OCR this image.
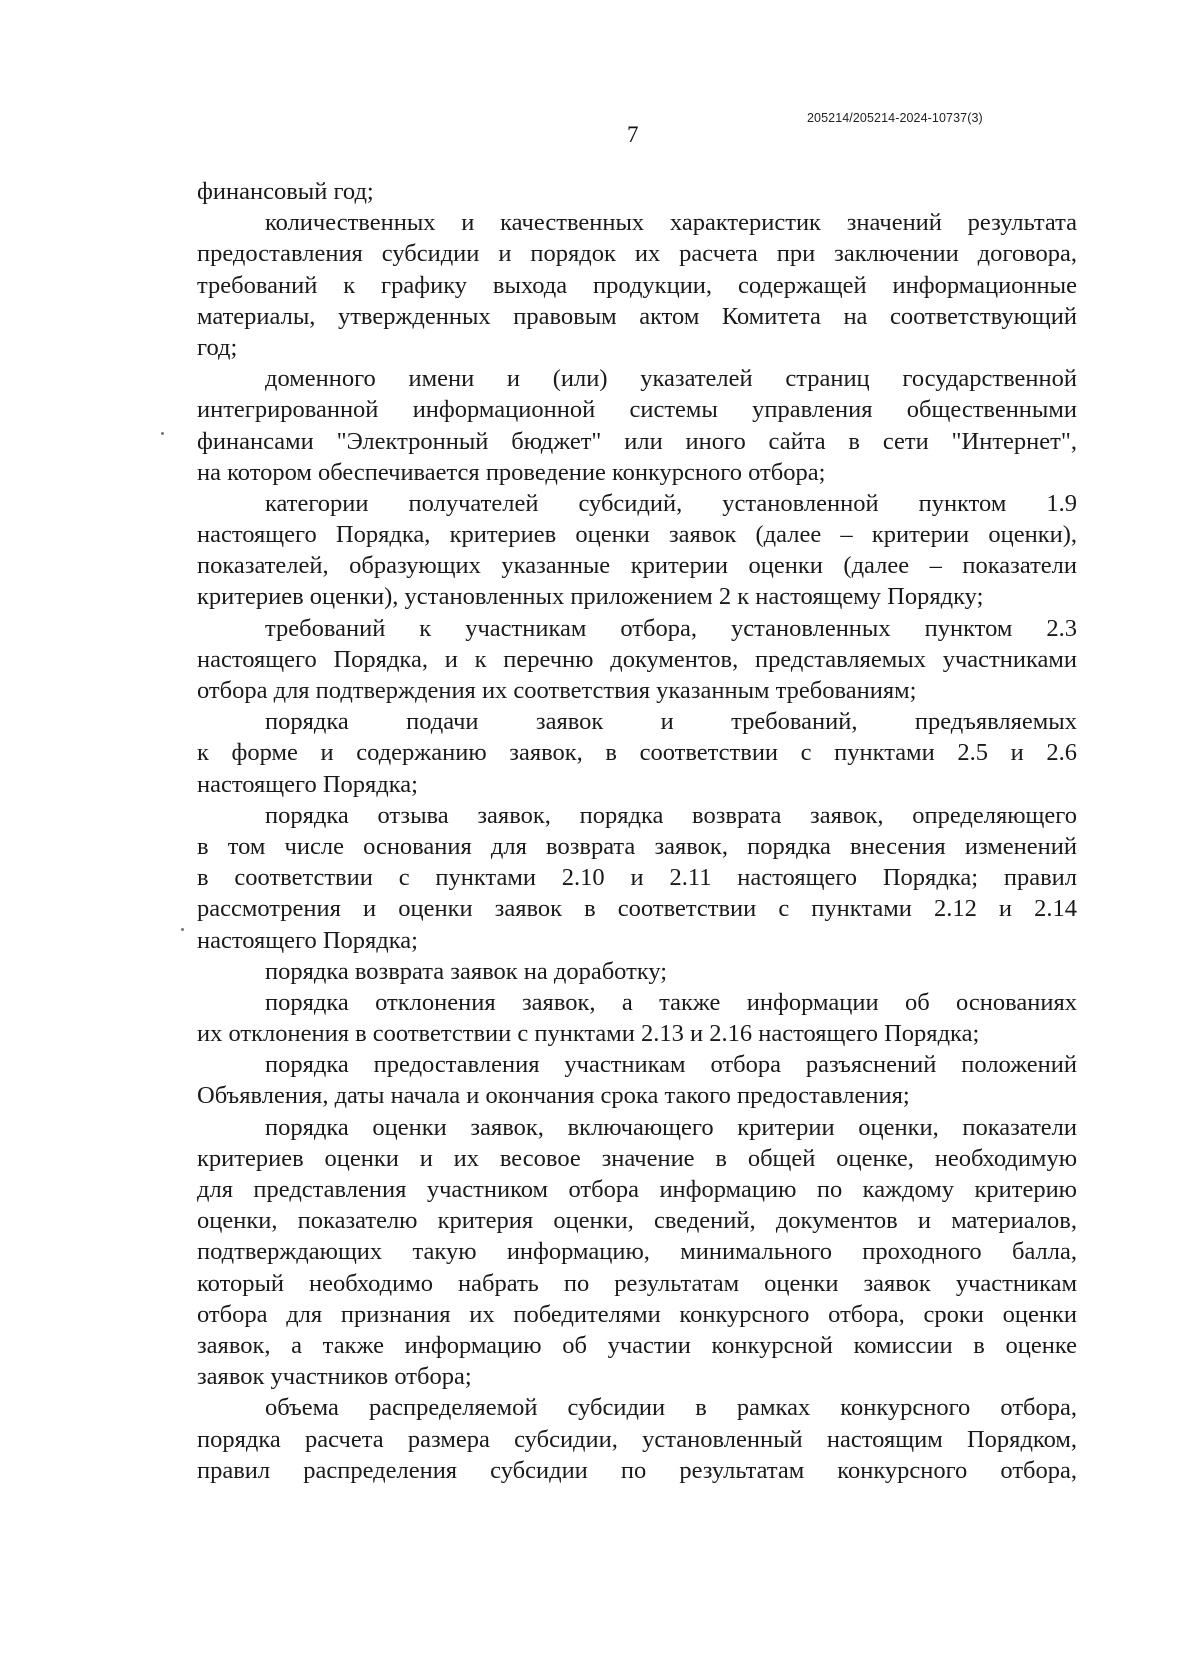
205214/205214-2024-10737(3)
7
финансовый год;
количественных и качественных характеристик значений результата
предоставления субсидии и порядок их расчета при заключении договора,
требований к графику выхода продукции, содержащей информационные
материалы, утвержденных правовым актом Комитета на соответствующий
год;
доменного имени и (или) указателей страниц государственной
интегрированной информационной системы управления общественными
финансами "Электронный бюджет" или иного сайта в сети "Интернет",
на котором обеспечивается проведение конкурсного отбора;
категории получателей субсидий, установленной пунктом 1.9
настоящего Порядка, критериев оценки заявок (далее – критерии оценки),
показателей, образующих указанные критерии оценки (далее – показатели
критериев оценки), установленных приложением 2 к настоящему Порядку;
требований к участникам отбора, установленных пунктом 2.3
настоящего Порядка, и к перечню документов, представляемых участниками
отбора для подтверждения их соответствия указанным требованиям;
порядка подачи заявок и требований, предъявляемых
к форме и содержанию заявок, в соответствии с пунктами 2.5 и 2.6
настоящего Порядка;
порядка отзыва заявок, порядка возврата заявок, определяющего
в том числе основания для возврата заявок, порядка внесения изменений
в соответствии с пунктами 2.10 и 2.11 настоящего Порядка; правил
рассмотрения и оценки заявок в соответствии с пунктами 2.12 и 2.14
настоящего Порядка;
порядка возврата заявок на доработку;
порядка отклонения заявок, а также информации об основаниях
их отклонения в соответствии с пунктами 2.13 и 2.16 настоящего Порядка;
порядка предоставления участникам отбора разъяснений положений
Объявления, даты начала и окончания срока такого предоставления;
порядка оценки заявок, включающего критерии оценки, показатели
критериев оценки и их весовое значение в общей оценке, необходимую
для представления участником отбора информацию по каждому критерию
оценки, показателю критерия оценки, сведений, документов и материалов,
подтверждающих такую информацию, минимального проходного балла,
который необходимо набрать по результатам оценки заявок участникам
отбора для признания их победителями конкурсного отбора, сроки оценки
заявок, а также информацию об участии конкурсной комиссии в оценке
заявок участников отбора;
объема распределяемой субсидии в рамках конкурсного отбора,
порядка расчета размера субсидии, установленный настоящим Порядком,
правил распределения субсидии по результатам конкурсного отбора,
